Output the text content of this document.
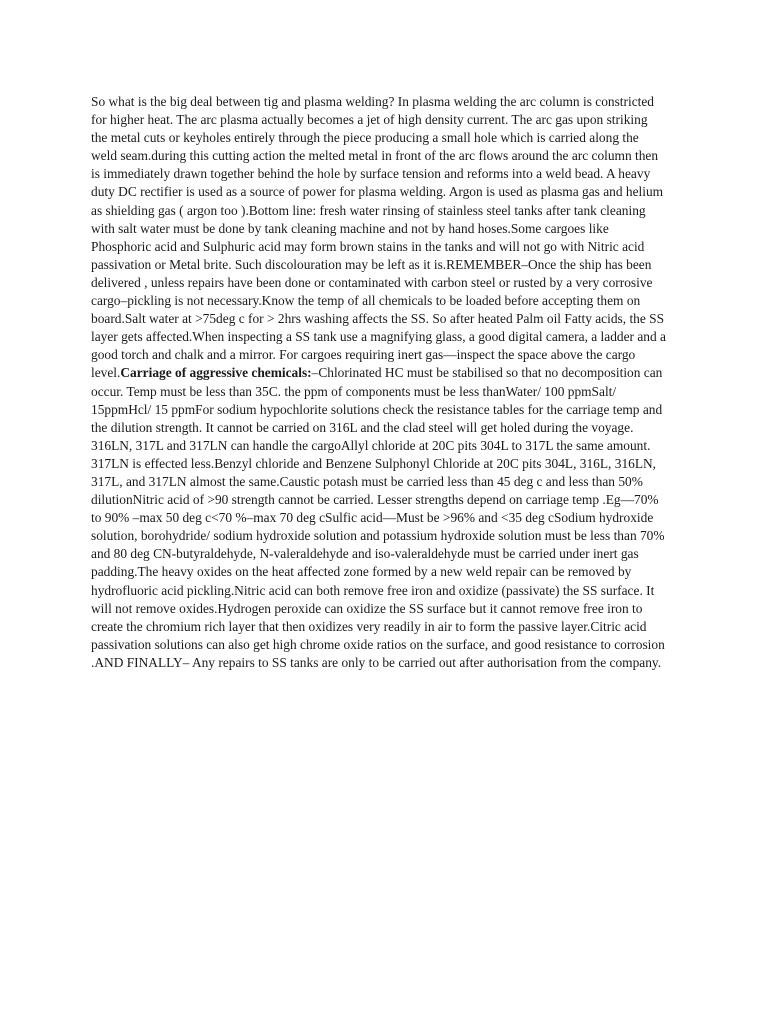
So what is the big deal between tig and plasma welding? In plasma welding the arc column is constricted for higher heat. The arc plasma actually becomes a jet of high density current. The arc gas upon striking the metal cuts or keyholes entirely through the piece producing a small hole which is carried along the weld seam.during this cutting action the melted metal in front of the arc flows around the arc column then is immediately drawn together behind the hole by surface tension and reforms into a weld bead. A heavy duty DC rectifier is used as a source of power for plasma welding. Argon is used as plasma gas and helium as shielding gas ( argon too ).Bottom line: fresh water rinsing of stainless steel tanks after tank cleaning with salt water must be done by tank cleaning machine and not by hand hoses.Some cargoes like Phosphoric acid and Sulphuric acid may form brown stains in the tanks and will not go with Nitric acid passivation or Metal brite. Such discolouration may be left as it is.REMEMBER–Once the ship has been delivered , unless repairs have been done or contaminated with carbon steel or rusted by a very corrosive cargo–pickling is not necessary.Know the temp of all chemicals to be loaded before accepting them on board.Salt water at >75deg c for > 2hrs washing affects the SS. So after heated Palm oil Fatty acids, the SS layer gets affected.When inspecting a SS tank use a magnifying glass, a good digital camera, a ladder and a good torch and chalk and a mirror. For cargoes requiring inert gas—inspect the space above the cargo level.Carriage of aggressive chemicals:–Chlorinated HC must be stabilised so that no decomposition can occur. Temp must be less than 35C. the ppm of components must be less thanWater/ 100 ppmSalt/ 15ppmHcl/ 15 ppmFor sodium hypochlorite solutions check the resistance tables for the carriage temp and the dilution strength. It cannot be carried on 316L and the clad steel will get holed during the voyage. 316LN, 317L and 317LN can handle the cargoAllyl chloride at 20C pits 304L to 317L the same amount. 317LN is effected less.Benzyl chloride and Benzene Sulphonyl Chloride at 20C pits 304L, 316L, 316LN, 317L, and 317LN almost the same.Caustic potash must be carried less than 45 deg c and less than 50% dilutionNitric acid of >90 strength cannot be carried. Lesser strengths depend on carriage temp .Eg—70% to 90% –max 50 deg c<70 %–max 70 deg cSulfic acid—Must be >96% and <35 deg cSodium hydroxide solution, borohydride/ sodium hydroxide solution and potassium hydroxide solution must be less than 70% and 80 deg CN-butyraldehyde, N-valeraldehyde and iso-valeraldehyde must be carried under inert gas padding.The heavy oxides on the heat affected zone formed by a new weld repair can be removed by hydrofluoric acid pickling.Nitric acid can both remove free iron and oxidize (passivate) the SS surface. It will not remove oxides.Hydrogen peroxide can oxidize the SS surface but it cannot remove free iron to create the chromium rich layer that then oxidizes very readily in air to form the passive layer.Citric acid passivation solutions can also get high chrome oxide ratios on the surface, and good resistance to corrosion .AND FINALLY– Any repairs to SS tanks are only to be carried out after authorisation from the company.
